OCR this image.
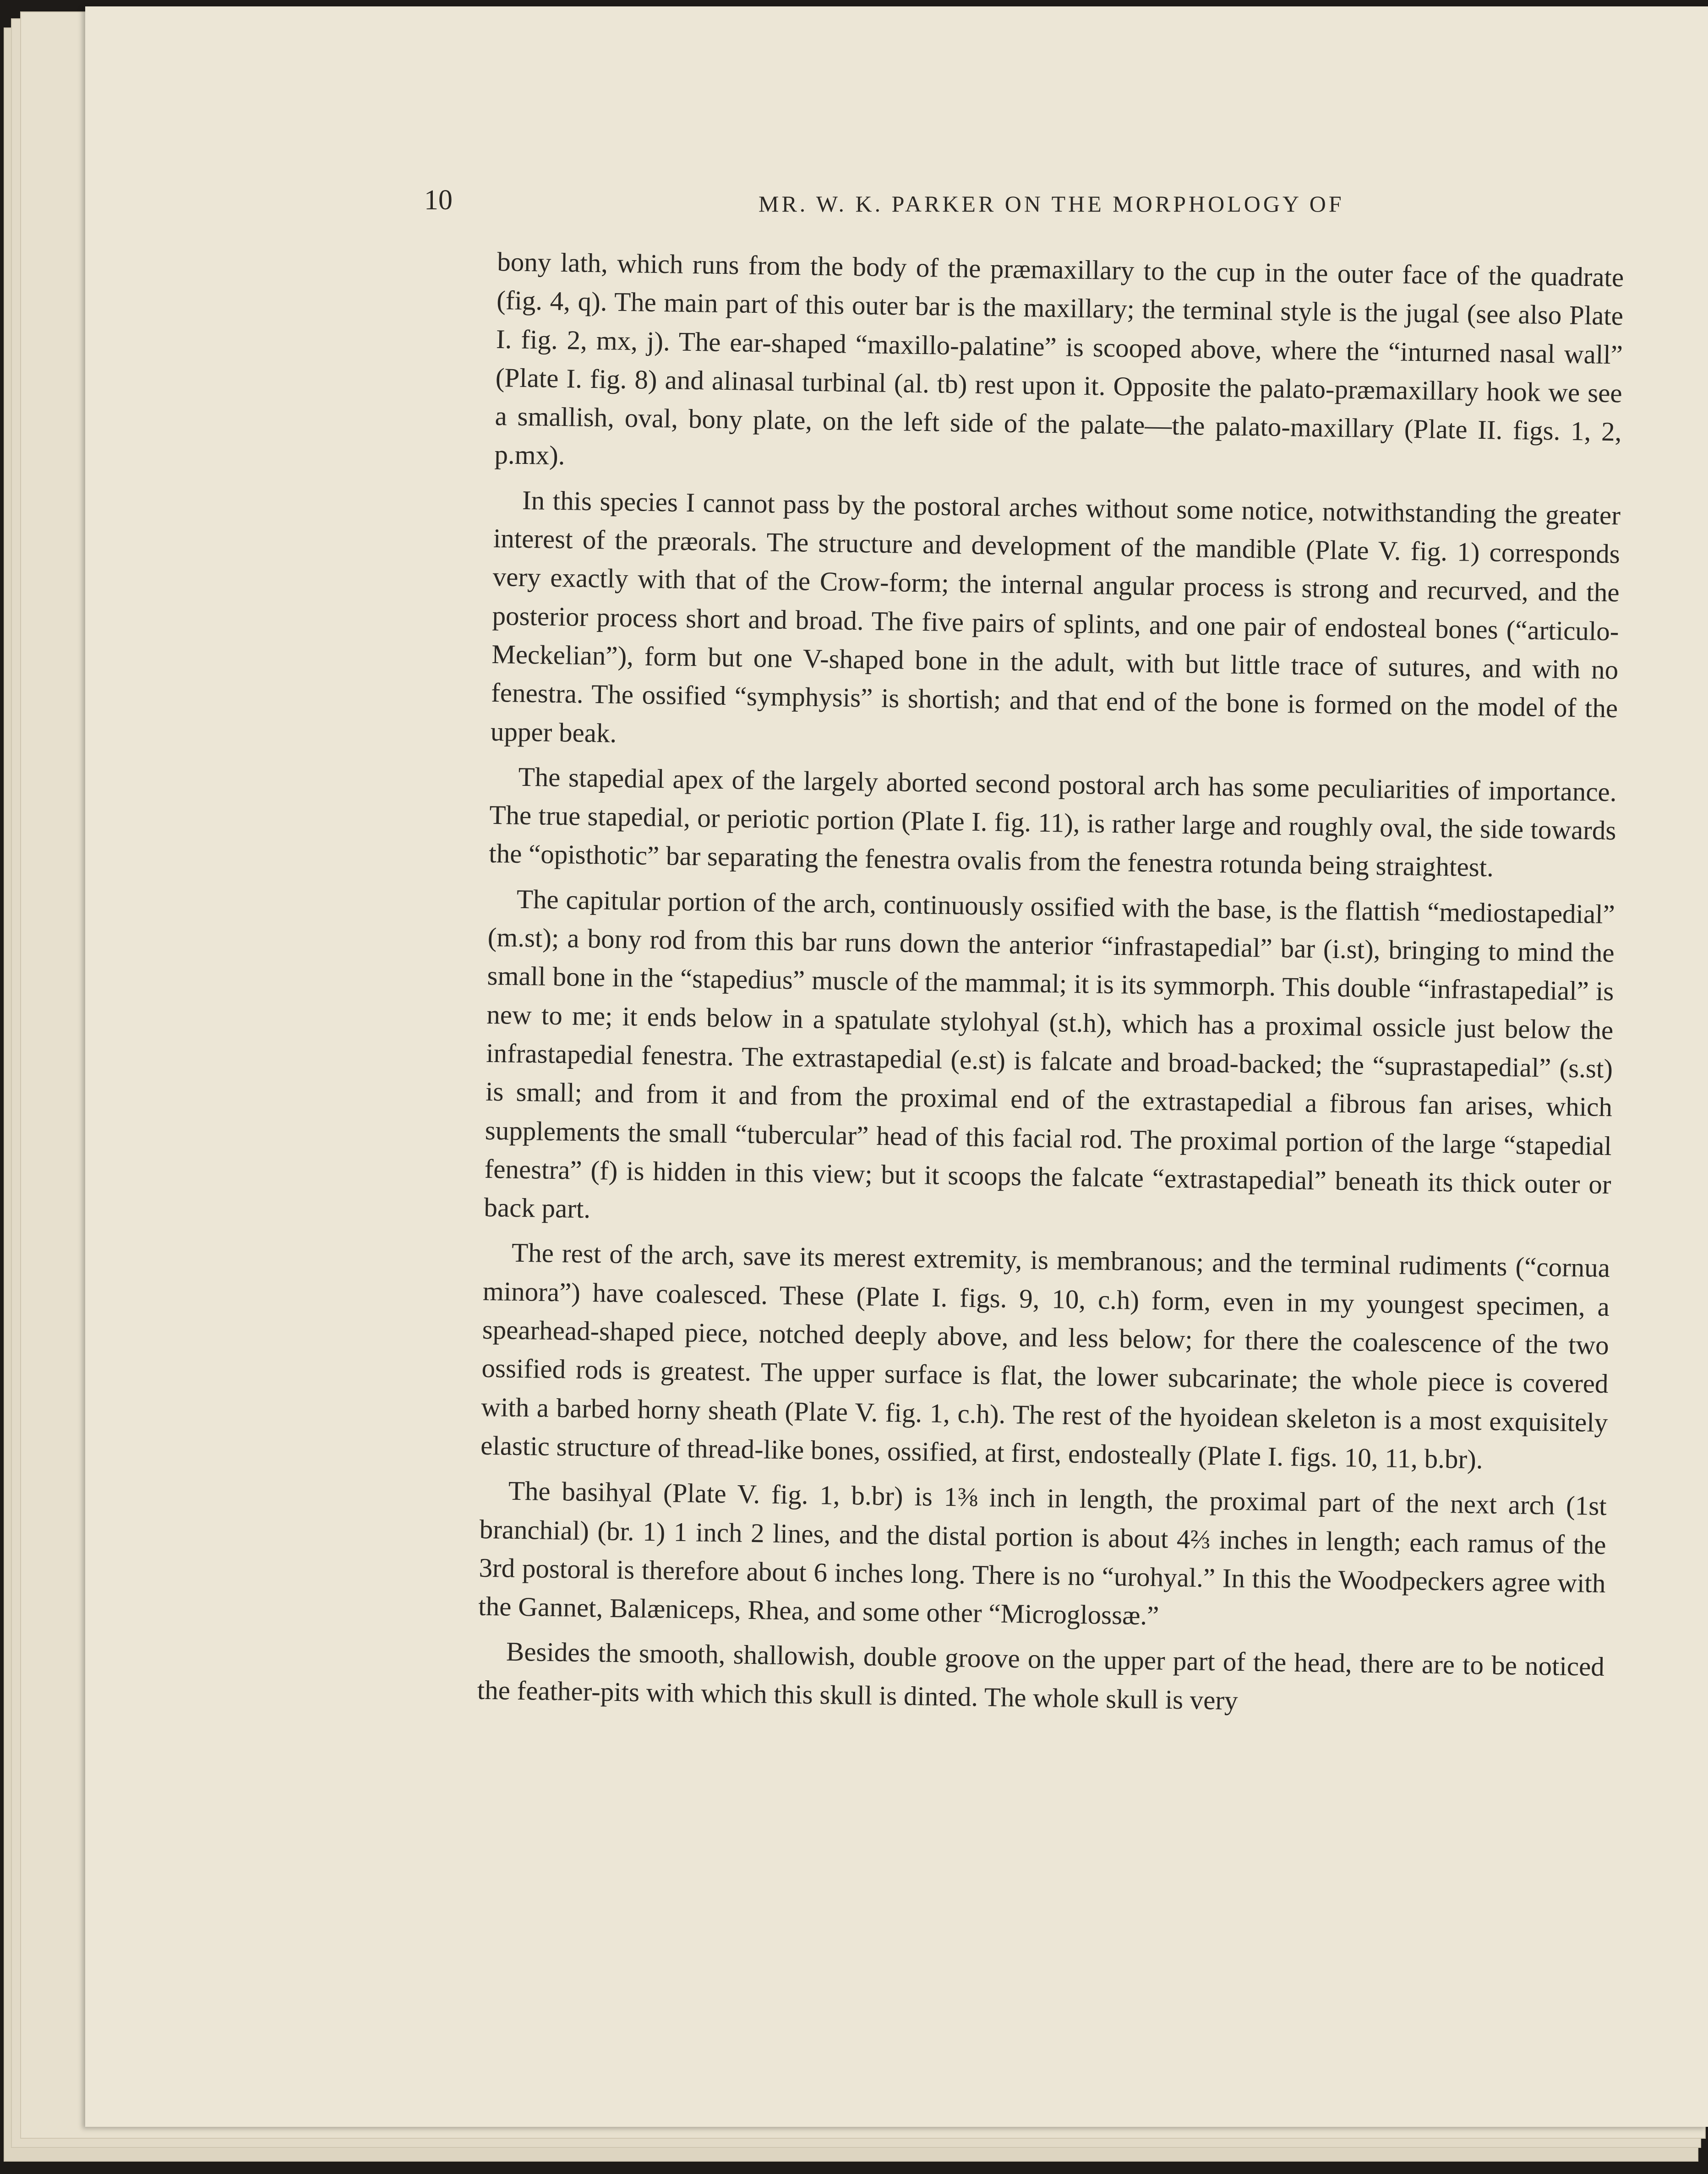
10	MR. W. K. PARKER ON THE MORPHOLOGY OF

bony lath, which runs from the body of the præmaxillary to the cup in the outer face of the quadrate (fig. 4, q). The main part of this outer bar is the maxillary; the terminal style is the jugal (see also Plate I. fig. 2, mx, j). The ear-shaped “maxillo-palatine” is scooped above, where the “inturned nasal wall” (Plate I. fig. 8) and alinasal turbinal (al. tb) rest upon it. Opposite the palato-præmaxillary hook we see a smallish, oval, bony plate, on the left side of the palate—the palato-maxillary (Plate II. figs. 1, 2, p.mx).

In this species I cannot pass by the postoral arches without some notice, notwithstanding the greater interest of the præorals. The structure and development of the mandible (Plate V. fig. 1) corresponds very exactly with that of the Crow-form; the internal angular process is strong and recurved, and the posterior process short and broad. The five pairs of splints, and one pair of endosteal bones (“articulo-Meckelian”), form but one V-shaped bone in the adult, with but little trace of sutures, and with no fenestra. The ossified “symphysis” is shortish; and that end of the bone is formed on the model of the upper beak.

The stapedial apex of the largely aborted second postoral arch has some peculiarities of importance. The true stapedial, or periotic portion (Plate I. fig. 11), is rather large and roughly oval, the side towards the “opisthotic” bar separating the fenestra ovalis from the fenestra rotunda being straightest.

The capitular portion of the arch, continuously ossified with the base, is the flattish “mediostapedial” (m.st); a bony rod from this bar runs down the anterior “infrastapedial” bar (i.st), bringing to mind the small bone in the “stapedius” muscle of the mammal; it is its symmorph. This double “infrastapedial” is new to me; it ends below in a spatulate stylohyal (st.h), which has a proximal ossicle just below the infrastapedial fenestra. The extrastapedial (e.st) is falcate and broad-backed; the “suprastapedial” (s.st) is small; and from it and from the proximal end of the extrastapedial a fibrous fan arises, which supplements the small “tubercular” head of this facial rod. The proximal portion of the large “stapedial fenestra” (f) is hidden in this view; but it scoops the falcate “extrastapedial” beneath its thick outer or back part.

The rest of the arch, save its merest extremity, is membranous; and the terminal rudiments (“cornua minora”) have coalesced. These (Plate I. figs. 9, 10, c.h) form, even in my youngest specimen, a spearhead-shaped piece, notched deeply above, and less below; for there the coalescence of the two ossified rods is greatest. The upper surface is flat, the lower subcarinate; the whole piece is covered with a barbed horny sheath (Plate V. fig. 1, c.h). The rest of the hyoidean skeleton is a most exquisitely elastic structure of thread-like bones, ossified, at first, endosteally (Plate I. figs. 10, 11, b.br).

The basihyal (Plate V. fig. 1, b.br) is 1⅜ inch in length, the proximal part of the next arch (1st branchial) (br. 1) 1 inch 2 lines, and the distal portion is about 4⅔ inches in length; each ramus of the 3rd postoral is therefore about 6 inches long. There is no “urohyal.” In this the Woodpeckers agree with the Gannet, Balæniceps, Rhea, and some other “Microglossæ.”

Besides the smooth, shallowish, double groove on the upper part of the head, there are to be noticed the feather-pits with which this skull is dinted. The whole skull is very
